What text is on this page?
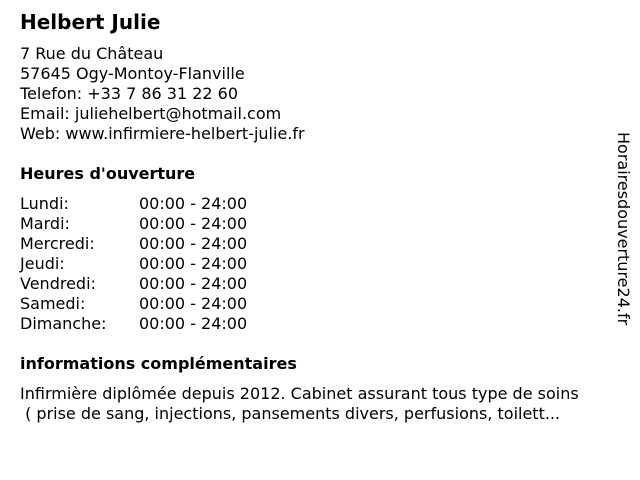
Helbert Julie
7 Rue du Château
57645 Ogy-Montoy-Flanville
Telefon: +33 7 86 31 22 60
Email: juliehelbert@hotmail.com
Web: www.infirmiere-helbert-julie.fr
Heures d'ouverture
Lundi:	00:00 - 24:00
Mardi:	00:00 - 24:00
Mercredi:	00:00 - 24:00
Jeudi:	00:00 - 24:00
Vendredi:	00:00 - 24:00
Samedi:	00:00 - 24:00
Dimanche: 00:00 - 24:00
informations complémentaires
Infirmière diplômée depuis 2012. Cabinet assurant tous type de soins
( prise de sang, injections, pansements divers, perfusions, toilett...
Horairesdouverture24.fr
